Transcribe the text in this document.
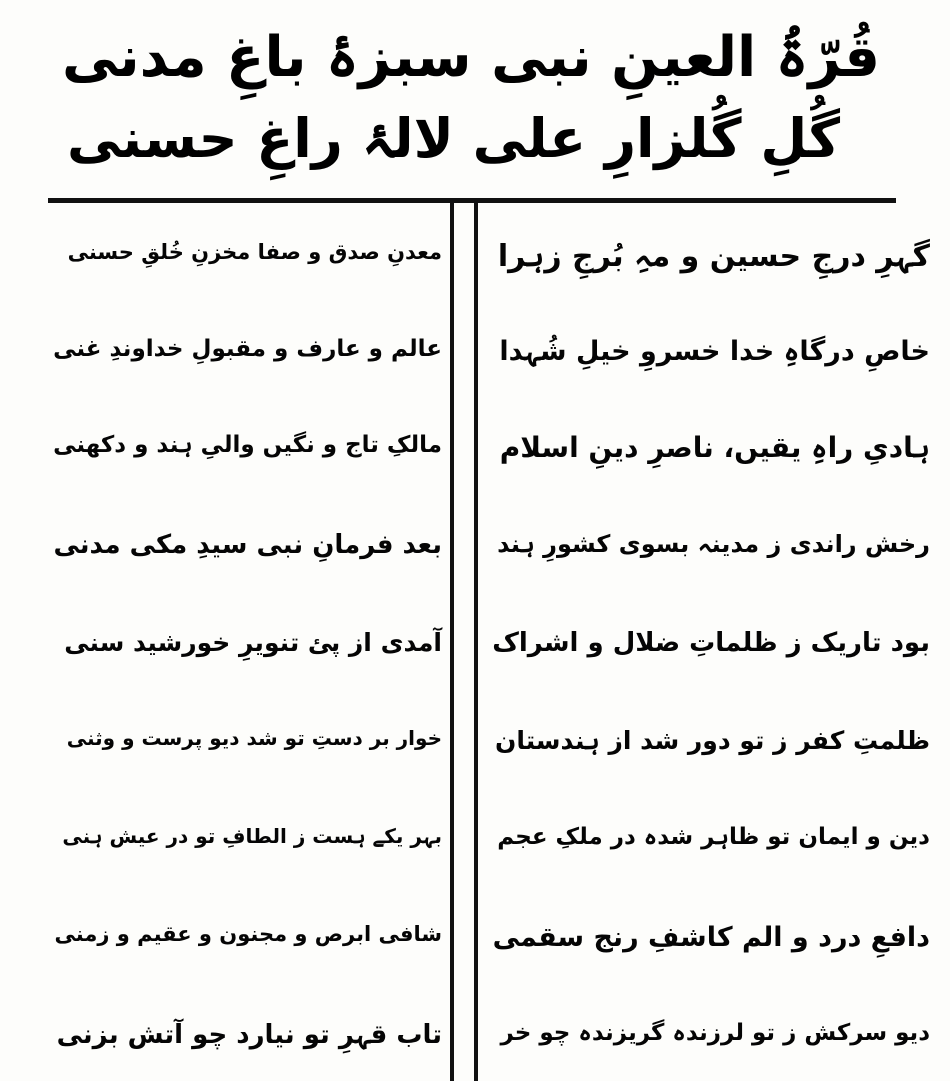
قُرّۃُ العینِ نبی سبزۂ باغِ مدنی
گُلِ گُلزارِ علی لالۂ راغِ حسنی
گہرِ درجِ حسین و مہِ بُرجِ زہرا
خاصِ درگاہِ خدا خسروِ خیلِ شُہدا
ہادیِ راہِ یقیں، ناصرِ دینِ اسلام
رخش راندی ز مدینہ بسوی کشورِ ہند
بود تاریک ز ظلماتِ ضلال و اشراک
ظلمتِ کفر ز تو دور شد از ہندستان
دین و ایمان تو ظاہر شدہ در ملکِ عجم
دافعِ درد و الم کاشفِ رنج سقمی
دیو سرکش ز تو لرزندہ گریزندہ چو خر
معدنِ صدق و صفا مخزنِ خُلقِ حسنی
عالم و عارف و مقبولِ خداوندِ غنی
مالکِ تاج و نگیں والیِ ہند و دکھنی
بعد فرمانِ نبی سیدِ مکی مدنی
آمدی از پئ تنویرِ خورشید سنی
خوار بر دستِ تو شد دیو پرست و وثنی
بہر یکے ہست ز الطافِ تو در عیش ہنی
شافی ابرص و مجنون و عقیم و زمنی
تاب قہرِ تو نیارد چو آتش بزنی
